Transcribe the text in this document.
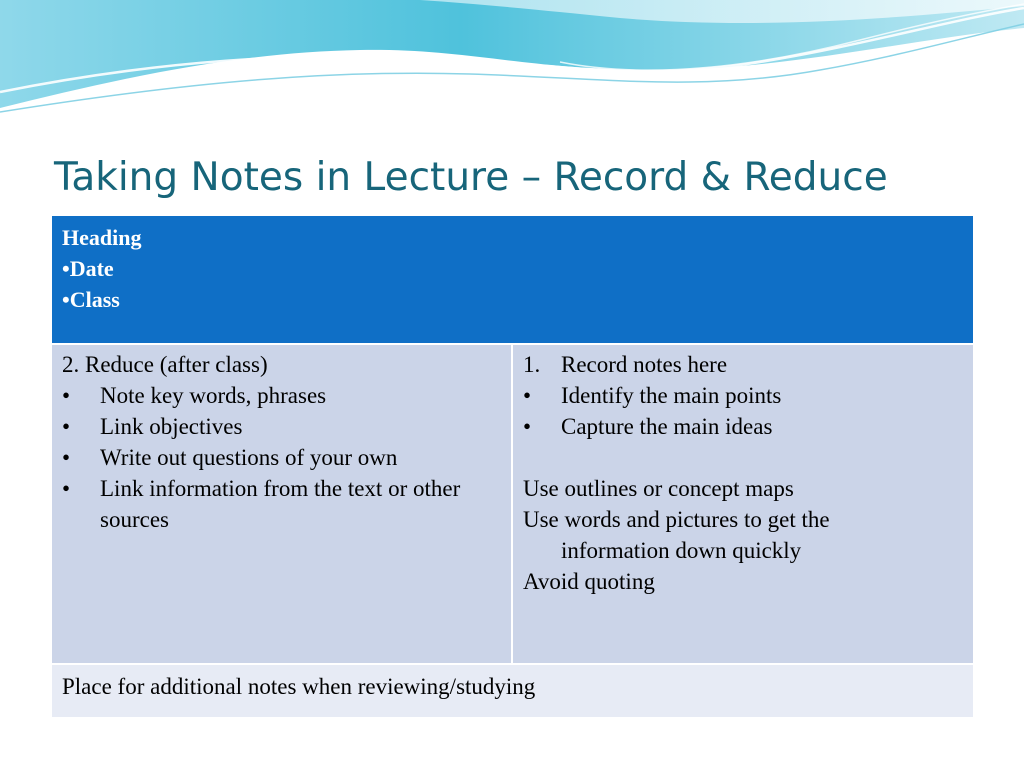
Taking Notes in Lecture – Record & Reduce
Heading
•Date
•Class
2. Reduce (after class)
• Note key words, phrases
• Link objectives
• Write out questions of your own
• Link information from the text or other sources
1. Record notes here
• Identify the main points
• Capture the main ideas
Use outlines or concept maps
Use words and pictures to get the
information down quickly
Avoid quoting
Place for additional notes when reviewing/studying
